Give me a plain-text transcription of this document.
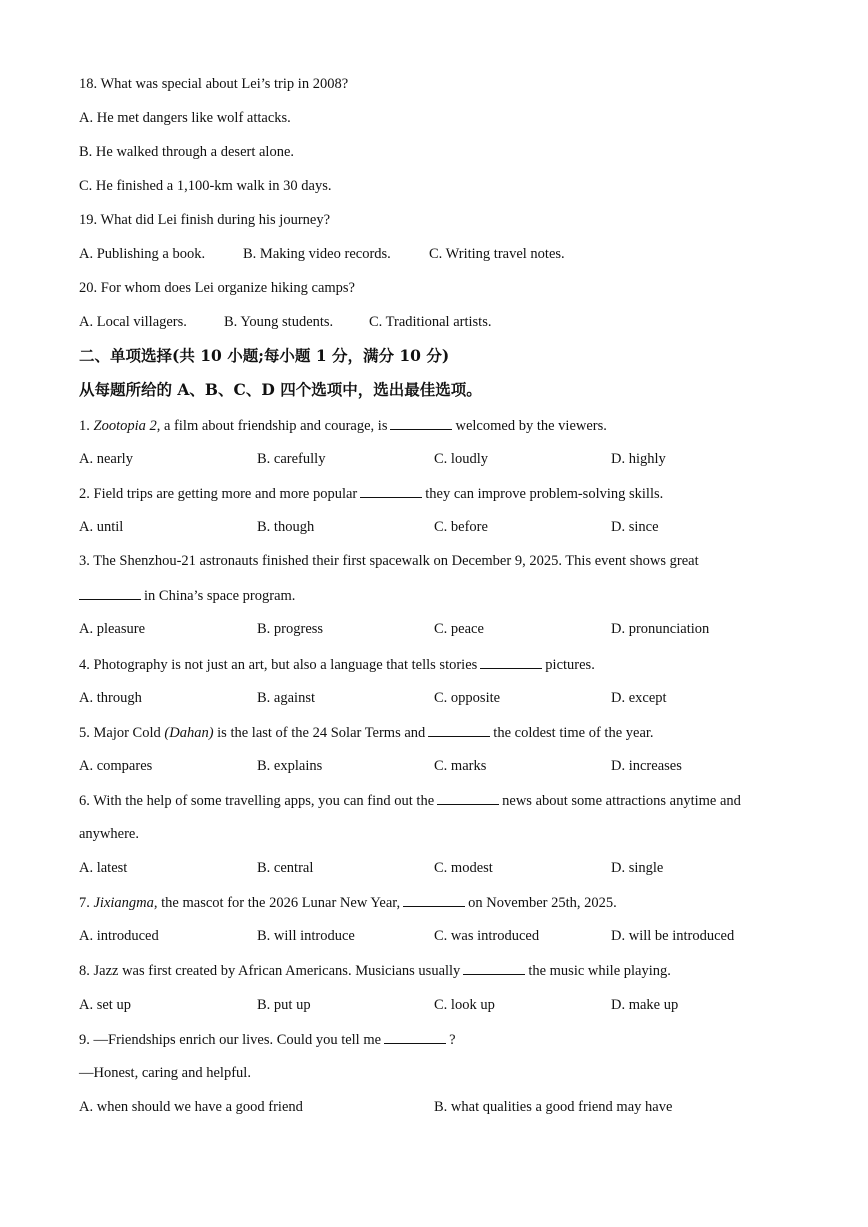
18. What was special about Lei’s trip in 2008?
A. He met dangers like wolf attacks.
B. He walked through a desert alone.
C. He finished a 1,100-km walk in 30 days.
19. What did Lei finish during his journey?
A. Publishing a book.	B. Making video records.	C. Writing travel notes.
20. For whom does Lei organize hiking camps?
A. Local villagers.	B. Young students. C. Traditional artists.
二、单项选择(共 10 小题;每小题 1 分，满分 10 分)
从每题所给的 A、B、C、D 四个选项中，选出最佳选项。
1. Zootopia 2, a film about friendship and courage, is	welcomed by the viewers.
A. nearly	B. carefully	C. loudly	D. highly
2. Field trips are getting more and more popular	they can improve problem-solving skills.
A. until	B. though	C. before	D. since
3. The Shenzhou-21 astronauts finished their first spacewalk on December 9, 2025. This event shows great
in China’s space program.
A. pleasure	B. progress	C. peace	D. pronunciation
4. Photography is not just an art, but also a language that tells stories	pictures.
A. through	B. against	C. opposite	D. except
5. Major Cold (Dahan) is the last of the 24 Solar Terms and	the coldest time of the year.
A. compares	B. explains	C. marks	D. increases
6. With the help of some travelling apps, you can find out the	news about some attractions anytime and
anywhere.
A. latest	B. central	C. modest	D. single
7. Jixiangma, the mascot for the 2026 Lunar New Year,	on November 25th, 2025.
A. introduced	B. will introduce	C. was introduced	D. will be introduced
8. Jazz was first created by African Americans. Musicians usually	the music while playing.
A. set up	B. put up	C. look up	D. make up
9. —Friendships enrich our lives. Could you tell me	?
—Honest, caring and helpful.
A. when should we have a good friend	B. what qualities a good friend may have
